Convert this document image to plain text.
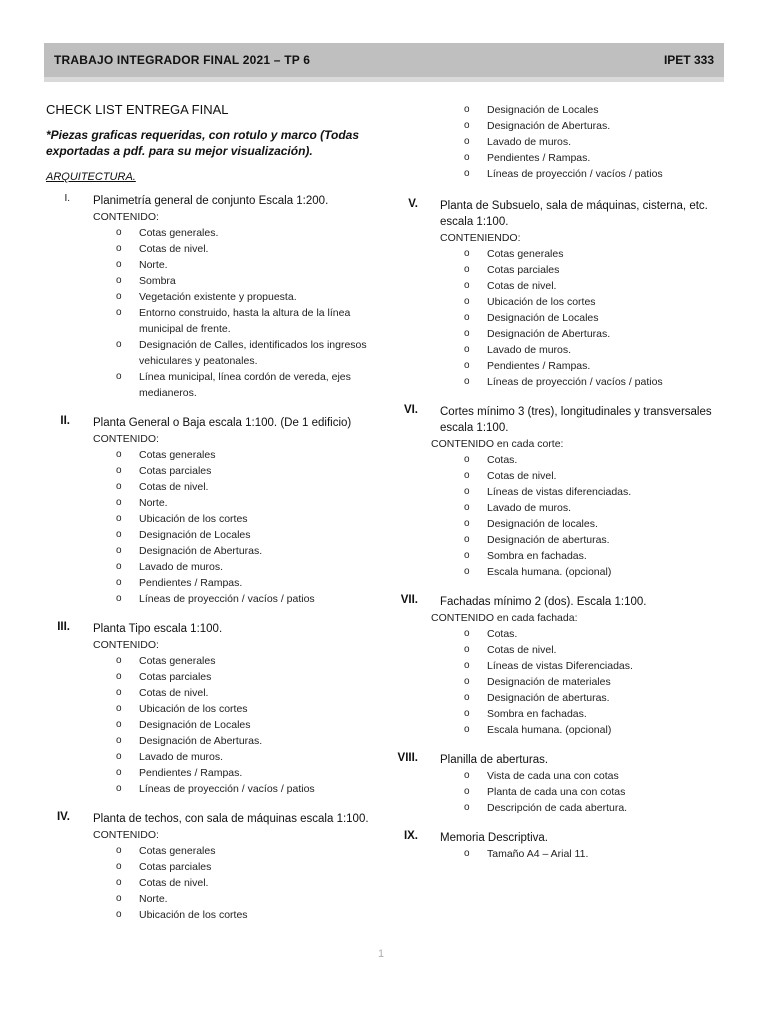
TRABAJO INTEGRADOR FINAL 2021 – TP 6	IPET 333
CHECK LIST ENTREGA FINAL
*Piezas graficas requeridas, con rotulo y marco (Todas exportadas a pdf. para su mejor visualización).
ARQUITECTURA.
I. Planimetría general de conjunto Escala 1:200.
CONTENIDO:
o Cotas generales.
o Cotas de nivel.
o Norte.
o Sombra
o Vegetación existente y propuesta.
o Entorno construido, hasta la altura de la línea municipal de frente.
o Designación de Calles, identificados los ingresos vehiculares y peatonales.
o Línea municipal, línea cordón de vereda, ejes medianeros.
II. Planta General o Baja escala 1:100. (De 1 edificio)
CONTENIDO:
o Cotas generales
o Cotas parciales
o Cotas de nivel.
o Norte.
o Ubicación de los cortes
o Designación de Locales
o Designación de Aberturas.
o Lavado de muros.
o Pendientes / Rampas.
o Líneas de proyección / vacíos / patios
III. Planta Tipo escala 1:100.
CONTENIDO:
o Cotas generales
o Cotas parciales
o Cotas de nivel.
o Ubicación de los cortes
o Designación de Locales
o Designación de Aberturas.
o Lavado de muros.
o Pendientes / Rampas.
o Líneas de proyección / vacíos / patios
IV. Planta de techos, con sala de máquinas escala 1:100.
CONTENIDO:
o Cotas generales
o Cotas parciales
o Cotas de nivel.
o Norte.
o Ubicación de los cortes
o Designación de Locales
o Designación de Aberturas.
o Lavado de muros.
o Pendientes / Rampas.
o Líneas de proyección / vacíos / patios
V. Planta de Subsuelo, sala de máquinas, cisterna, etc. escala 1:100.
CONTENIENDO:
o Cotas generales
o Cotas parciales
o Cotas de nivel.
o Ubicación de los cortes
o Designación de Locales
o Designación de Aberturas.
o Lavado de muros.
o Pendientes / Rampas.
o Líneas de proyección / vacíos / patios
VI. Cortes mínimo 3 (tres), longitudinales y transversales escala 1:100.
CONTENIDO en cada corte:
o Cotas.
o Cotas de nivel.
o Líneas de vistas diferenciadas.
o Lavado de muros.
o Designación de locales.
o Designación de aberturas.
o Sombra en fachadas.
o Escala humana. (opcional)
VII. Fachadas mínimo 2 (dos). Escala 1:100.
CONTENIDO en cada fachada:
o Cotas.
o Cotas de nivel.
o Líneas de vistas Diferenciadas.
o Designación de materiales
o Designación de aberturas.
o Sombra en fachadas.
o Escala humana. (opcional)
VIII. Planilla de aberturas.
o Vista de cada una con cotas
o Planta de cada una con cotas
o Descripción de cada abertura.
IX. Memoria Descriptiva.
o Tamaño A4 – Arial 11.
1
